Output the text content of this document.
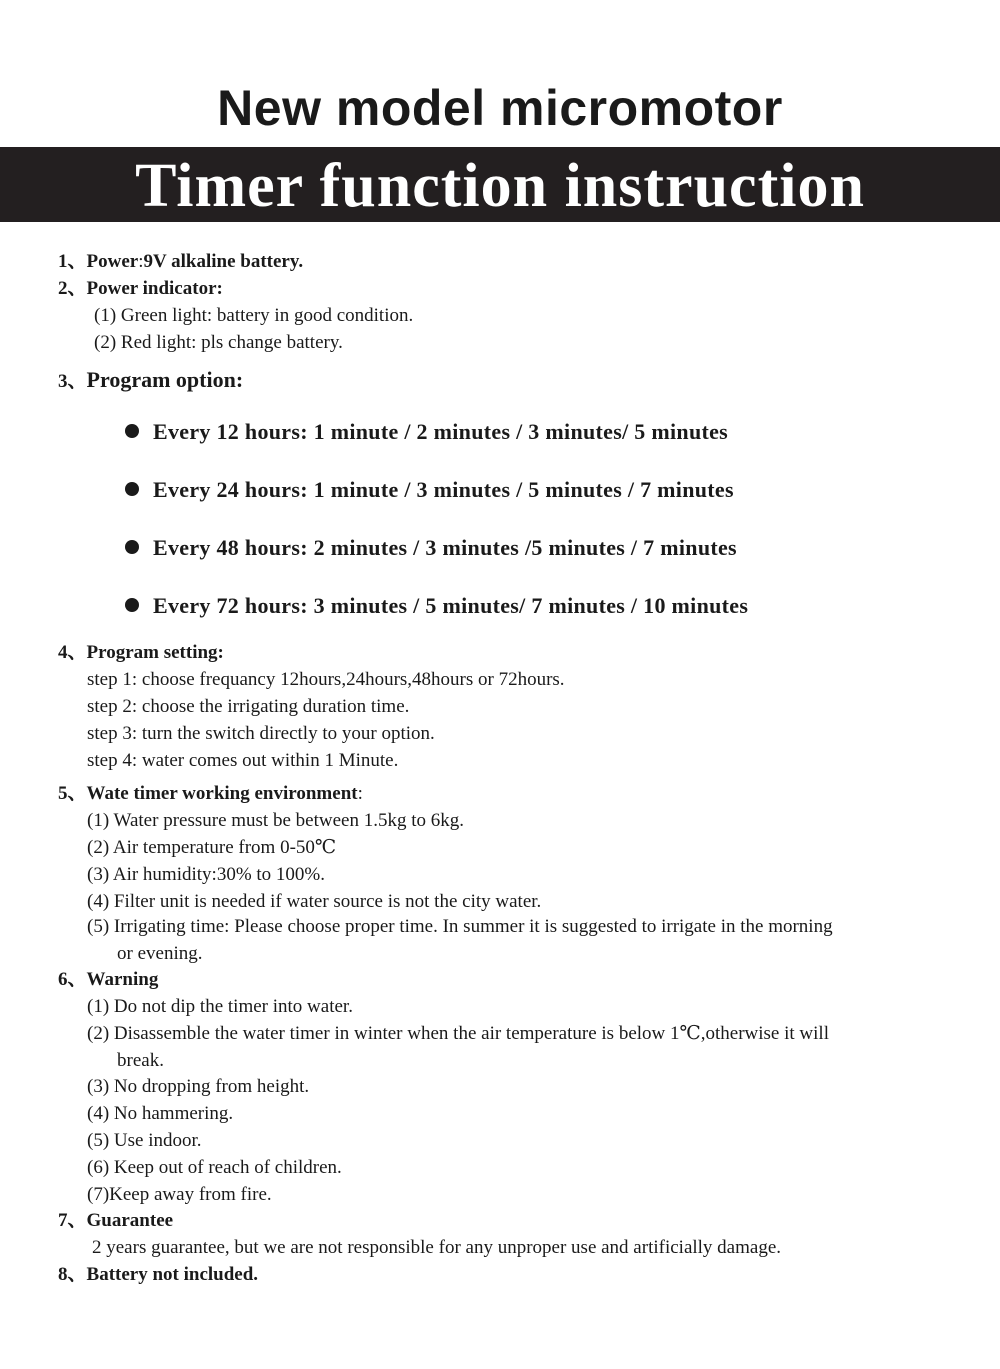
New model micromotor
Timer function instruction
1、Power:9V alkaline battery.
2、Power indicator:
(1) Green light: battery in good condition.
(2) Red light: pls change battery.
3、Program option:
Every 12 hours: 1 minute / 2 minutes / 3 minutes/ 5 minutes
Every 24 hours: 1 minute / 3 minutes / 5 minutes / 7 minutes
Every 48 hours: 2 minutes / 3 minutes /5 minutes / 7 minutes
Every 72 hours: 3 minutes / 5 minutes/ 7 minutes / 10 minutes
4、Program setting:
step 1: choose frequancy 12hours,24hours,48hours or 72hours.
step 2: choose the irrigating duration time.
step 3: turn the switch directly to your option.
step 4: water comes out within 1 Minute.
5、Wate timer working environment:
(1) Water pressure must be between 1.5kg to 6kg.
(2) Air temperature from 0-50℃
(3) Air humidity:30% to 100%.
(4) Filter unit is needed if water source is not the city water.
(5) Irrigating time: Please choose proper time. In summer it is suggested to irrigate in the morning
or evening.
6、Warning
(1) Do not dip the timer into water.
(2) Disassemble the water timer in winter when the air temperature is below 1℃,otherwise it will
break.
(3) No dropping from height.
(4) No hammering.
(5) Use indoor.
(6) Keep out of reach of children.
(7)Keep away from fire.
7、Guarantee
2 years guarantee, but we are not responsible for any unproper use and artificially damage.
8、Battery not included.
